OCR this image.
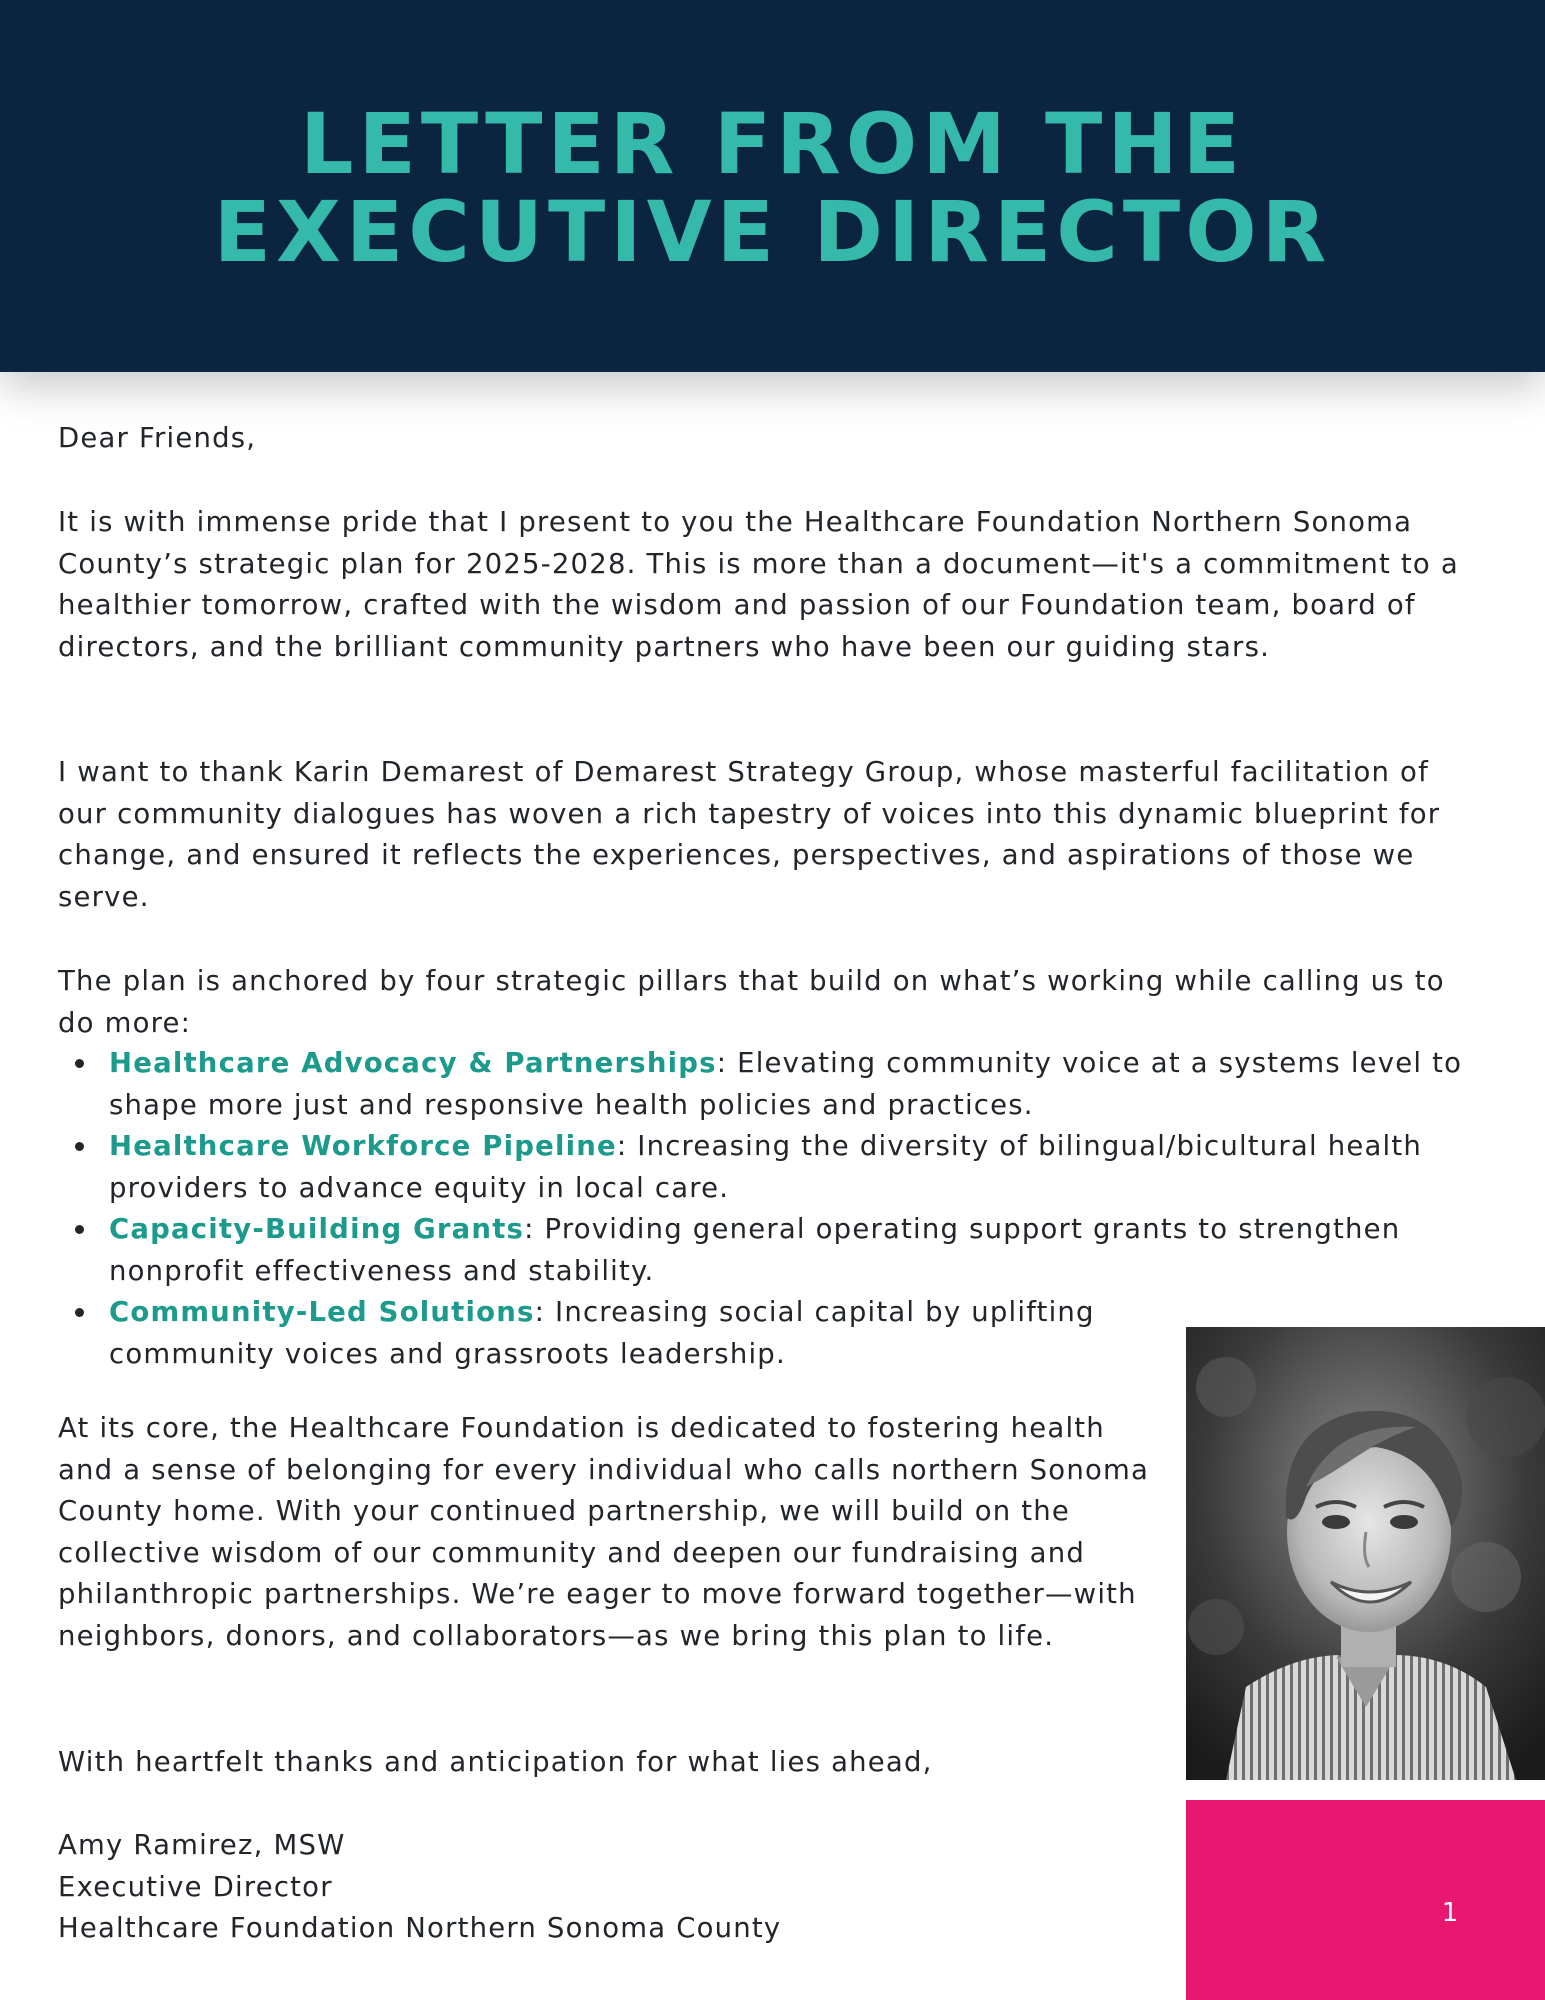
LETTER FROM THE
EXECUTIVE DIRECTOR

Dear Friends,

It is with immense pride that I present to you the Healthcare Foundation Northern Sonoma County’s strategic plan for 2025-2028. This is more than a document—it's a commitment to a healthier tomorrow, crafted with the wisdom and passion of our Foundation team, board of directors, and the brilliant community partners who have been our guiding stars.

I want to thank Karin Demarest of Demarest Strategy Group, whose masterful facilitation of our community dialogues has woven a rich tapestry of voices into this dynamic blueprint for change, and ensured it reflects the experiences, perspectives, and aspirations of those we serve.

The plan is anchored by four strategic pillars that build on what’s working while calling us to do more:

Healthcare Advocacy & Partnerships: Elevating community voice at a systems level to shape more just and responsive health policies and practices.
Healthcare Workforce Pipeline: Increasing the diversity of bilingual/bicultural health providers to advance equity in local care.
Capacity-Building Grants: Providing general operating support grants to strengthen nonprofit effectiveness and stability.
Community-Led Solutions: Increasing social capital by uplifting community voices and grassroots leadership.

At its core, the Healthcare Foundation is dedicated to fostering health and a sense of belonging for every individual who calls northern Sonoma County home. With your continued partnership, we will build on the collective wisdom of our community and deepen our fundraising and philanthropic partnerships. We’re eager to move forward together—with neighbors, donors, and collaborators—as we bring this plan to life.

With heartfelt thanks and anticipation for what lies ahead,

Amy Ramirez, MSW
Executive Director
Healthcare Foundation Northern Sonoma County	1
